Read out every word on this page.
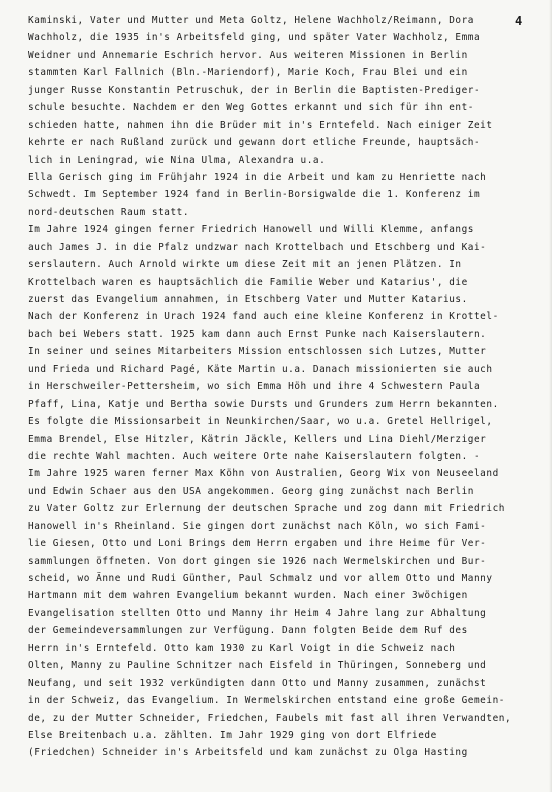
4
Kaminski, Vater und Mutter und Meta Goltz, Helene Wachholz/Reimann, Dora
Wachholz, die 1935 in's Arbeitsfeld ging, und später Vater Wachholz, Emma
Weidner und Annemarie Eschrich hervor. Aus weiteren Missionen in Berlin
stammten Karl Fallnich (Bln.-Mariendorf), Marie Koch, Frau Blei und ein
junger Russe Konstantin Petruschuk, der in Berlin die Baptisten-Prediger-
schule besuchte. Nachdem er den Weg Gottes erkannt und sich für ihn ent-
schieden hatte, nahmen ihn die Brüder mit in's Erntefeld. Nach einiger Zeit
kehrte er nach Rußland zurück und gewann dort etliche Freunde, hauptsäch-
lich in Leningrad, wie Nina Ulma, Alexandra u.a.
Ella Gerisch ging im Frühjahr 1924 in die Arbeit und kam zu Henriette nach
Schwedt. Im September 1924 fand in Berlin-Borsigwalde die 1. Konferenz im
nord-deutschen Raum statt.
Im Jahre 1924 gingen ferner Friedrich Hanowell und Willi Klemme, anfangs
auch James J. in die Pfalz undzwar nach Krottelbach und Etschberg und Kai-
serslautern. Auch Arnold wirkte um diese Zeit mit an jenen Plätzen. In
Krottelbach waren es hauptsächlich die Familie Weber und Katarius', die
zuerst das Evangelium annahmen, in Etschberg Vater und Mutter Katarius.
Nach der Konferenz in Urach 1924 fand auch eine kleine Konferenz in Krottel-
bach bei Webers statt. 1925 kam dann auch Ernst Punke nach Kaiserslautern.
In seiner und seines Mitarbeiters Mission entschlossen sich Lutzes, Mutter
und Frieda und Richard Pagé, Käte Martin u.a. Danach missionierten sie auch
in Herschweiler-Pettersheim, wo sich Emma Höh und ihre 4 Schwestern Paula
Pfaff, Lina, Katje und Bertha sowie Dursts und Grunders zum Herrn bekannten.
Es folgte die Missionsarbeit in Neunkirchen/Saar, wo u.a. Gretel Hellrigel,
Emma Brendel, Else Hitzler, Kätrin Jäckle, Kellers und Lina Diehl/Merziger
die rechte Wahl machten. Auch weitere Orte nahe Kaiserslautern folgten. -
Im Jahre 1925 waren ferner Max Köhn von Australien, Georg Wix von Neuseeland
und Edwin Schaer aus den USA angekommen. Georg ging zunächst nach Berlin
zu Vater Goltz zur Erlernung der deutschen Sprache und zog dann mit Friedrich
Hanowell in's Rheinland. Sie gingen dort zunächst nach Köln, wo sich Fami-
lie Giesen, Otto und Loni Brings dem Herrn ergaben und ihre Heime für Ver-
sammlungen öffneten. Von dort gingen sie 1926 nach Wermelskirchen und Bur-
scheid, wo Änne und Rudi Günther, Paul Schmalz und vor allem Otto und Manny
Hartmann mit dem wahren Evangelium bekannt wurden. Nach einer 3wöchigen
Evangelisation stellten Otto und Manny ihr Heim 4 Jahre lang zur Abhaltung
der Gemeindeversammlungen zur Verfügung. Dann folgten Beide dem Ruf des
Herrn in's Erntefeld. Otto kam 1930 zu Karl Voigt in die Schweiz nach
Olten, Manny zu Pauline Schnitzer nach Eisfeld in Thüringen, Sonneberg und
Neufang, und seit 1932 verkündigten dann Otto und Manny zusammen, zunächst
in der Schweiz, das Evangelium. In Wermelskirchen entstand eine große Gemein-
de, zu der Mutter Schneider, Friedchen, Faubels mit fast all ihren Verwandten,
Else Breitenbach u.a. zählten. Im Jahr 1929 ging von dort Elfriede
(Friedchen) Schneider in's Arbeitsfeld und kam zunächst zu Olga Hasting
